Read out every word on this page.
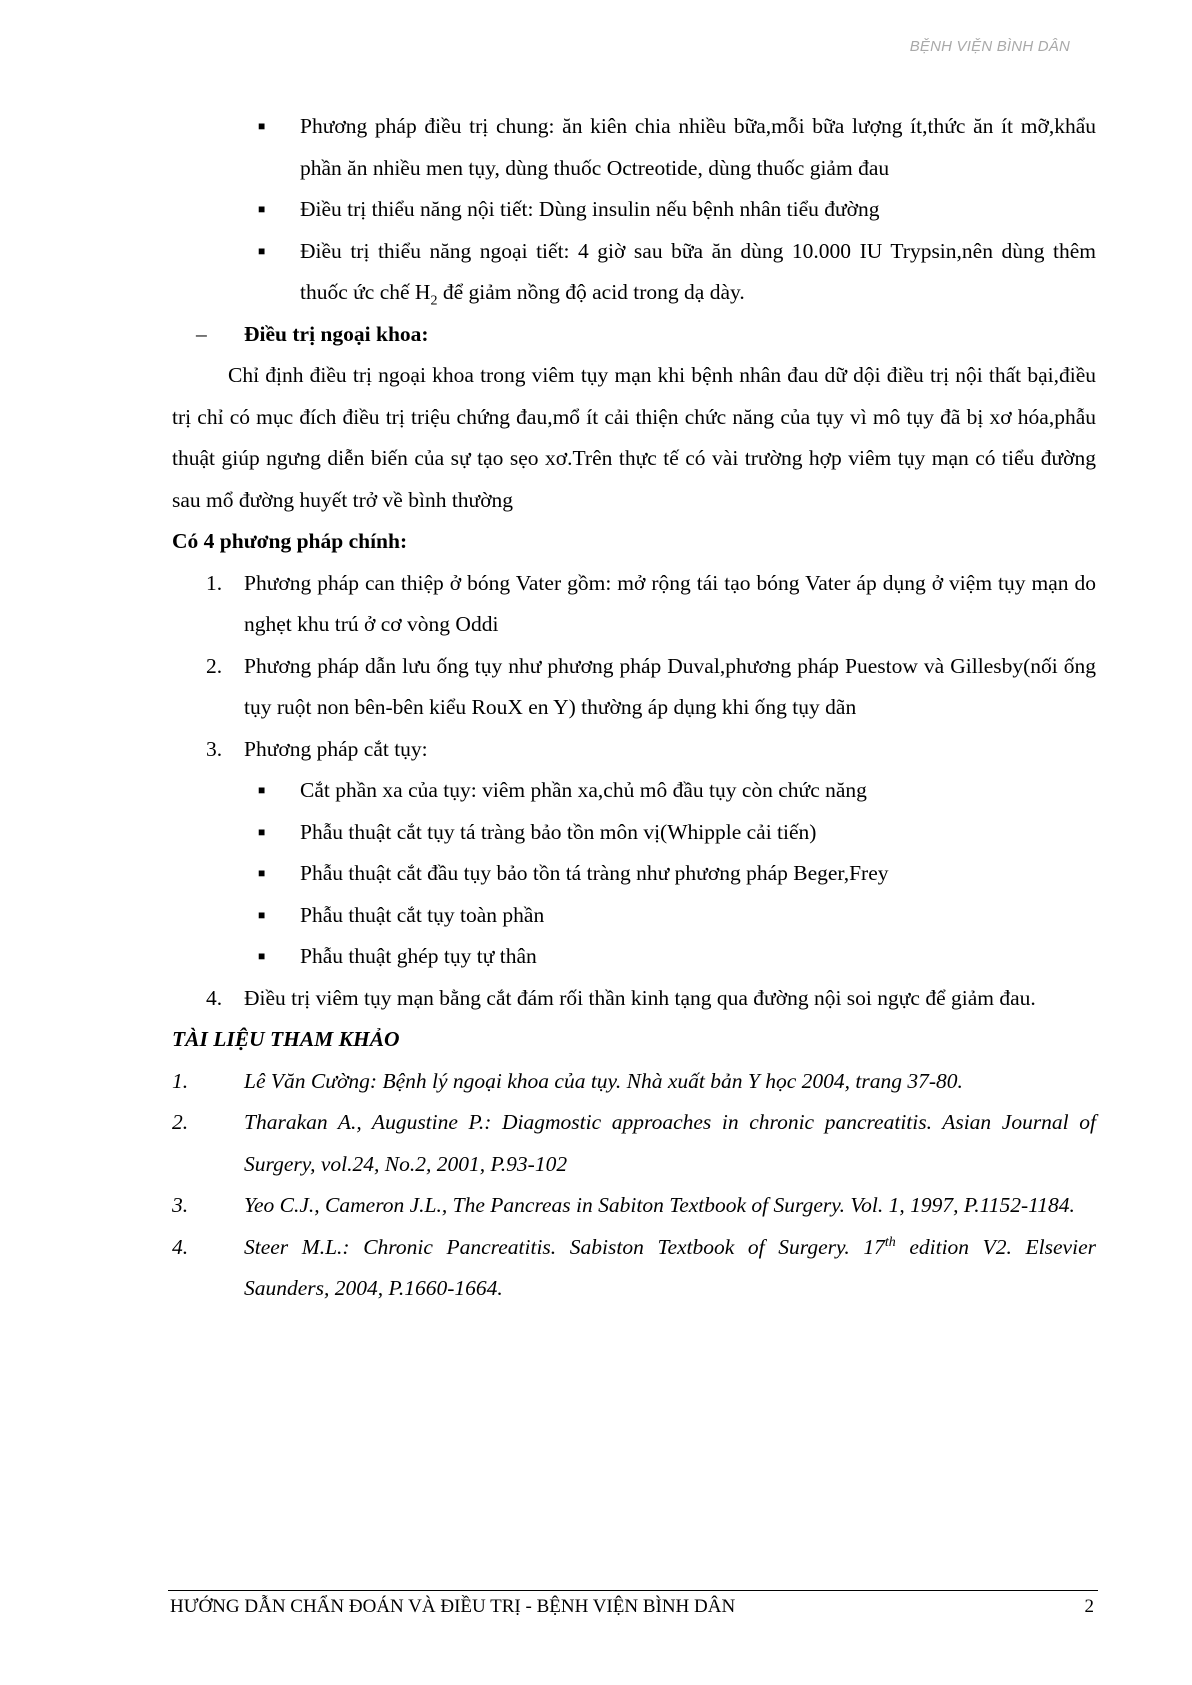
BỆNH VIỆN BÌNH DÂN
■ Phương pháp điều trị chung: ăn kiên chia nhiều bữa,mỗi bữa lượng ít,thức ăn ít mỡ,khẩu phần ăn nhiều men tụy, dùng thuốc Octreotide, dùng thuốc giảm đau
■ Điều trị thiểu năng nội tiết: Dùng insulin nếu bệnh nhân tiểu đường
■ Điều trị thiểu năng ngoại tiết: 4 giờ sau bữa ăn dùng 10.000 IU Trypsin,nên dùng thêm thuốc ức chế $H_2$ để giảm nồng độ acid trong dạ dày.
– Điều trị ngoại khoa:

Chỉ định điều trị ngoại khoa trong viêm tụy mạn khi bệnh nhân đau dữ dội điều trị nội thất bại,điều trị chỉ có mục đích điều trị triệu chứng đau,mổ ít cải thiện chức năng của tụy vì mô tụy đã bị xơ hóa,phẫu thuật giúp ngưng diễn biến của sự tạo sẹo xơ.Trên thực tế có vài trường hợp viêm tụy mạn có tiểu đường sau mổ đường huyết trở về bình thường

Có 4 phương pháp chính:

1. Phương pháp can thiệp ở bóng Vater gồm: mở rộng tái tạo bóng Vater áp dụng ở việm tụy mạn do nghẹt khu trú ở cơ vòng Oddi
2. Phương pháp dẫn lưu ống tụy như phương pháp Duval,phương pháp Puestow và Gillesby(nối ống tụy ruột non bên-bên kiểu RouX en Y) thường áp dụng khi ống tụy dãn
3. Phương pháp cắt tụy:
■ Cắt phần xa của tụy: viêm phần xa,chủ mô đầu tụy còn chức năng
■ Phẫu thuật cắt tụy tá tràng bảo tồn môn vị(Whipple cải tiến)
■ Phẫu thuật cắt đầu tụy bảo tồn tá tràng như phương pháp Beger,Frey
■ Phẫu thuật cắt tụy toàn phần
■ Phẫu thuật ghép tụy tự thân
4. Điều trị viêm tụy mạn bằng cắt đám rối thần kinh tạng qua đường nội soi ngực để giảm đau.

TÀI LIỆU THAM KHẢO

1.	Lê Văn Cường: Bệnh lý ngoại khoa của tụy. Nhà xuất bản Y học 2004, trang 37-80.
2.	Tharakan A., Augustine P.: Diagmostic approaches in chronic pancreatitis. Asian Journal of Surgery, vol.24, No.2, 2001, P.93-102
3.	Yeo C.J., Cameron J.L., The Pancreas in Sabiton Textbook of Surgery. Vol. 1, 1997, P.1152-1184.
4.	Steer M.L.: Chronic Pancreatitis. Sabiston Textbook of Surgery. 17th edition V2. Elsevier Saunders, 2004, P.1660-1664.
HƯỚNG DẪN CHẨN ĐOÁN VÀ ĐIỀU TRỊ - BỆNH VIỆN BÌNH DÂN	2
